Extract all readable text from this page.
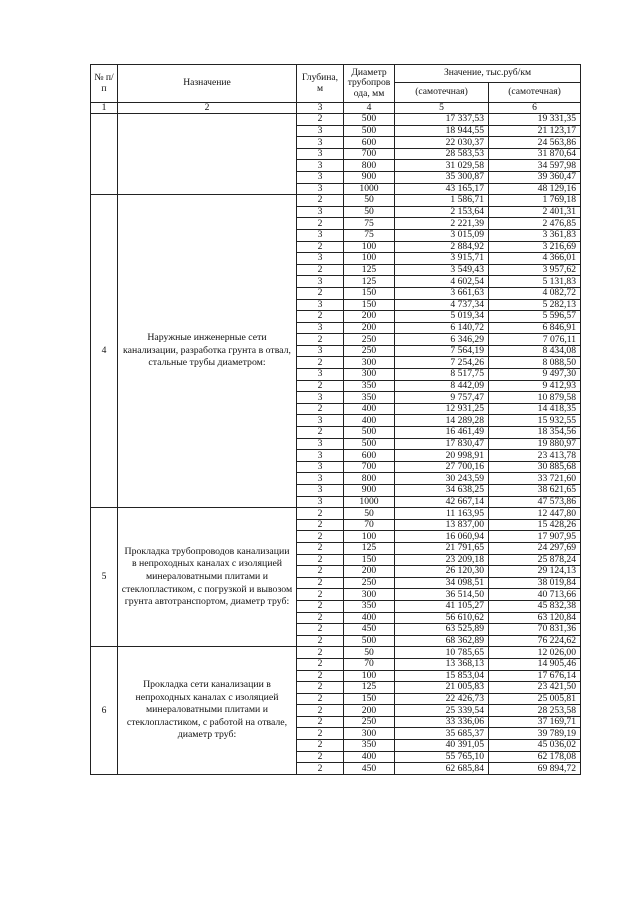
№ п/п	Назначение	Глубина, м	Диаметр трубопров ода, мм	Значение, тыс.руб/км	
				(самотечная)	(самотечная)
1	2	3	4	5	6
		2	500	17 337,53	19 331,35
		3	500	18 944,55	21 123,17
		3	600	22 030,37	24 563,86
		3	700	28 583,53	31 870,64
		3	800	31 029,58	34 597,98
		3	900	35 300,87	39 360,47
		3	1000	43 165,17	48 129,16
4	Наружные инженерные сети канализации, разработка грунта в отвал, стальные трубы диаметром:	2	50	1 586,71	1 769,18
		3	50	2 153,64	2 401,31
		2	75	2 221,39	2 476,85
		3	75	3 015,09	3 361,83
		2	100	2 884,92	3 216,69
		3	100	3 915,71	4 366,01
		2	125	3 549,43	3 957,62
		3	125	4 602,54	5 131,83
		2	150	3 661,63	4 082,72
		3	150	4 737,34	5 282,13
		2	200	5 019,34	5 596,57
		3	200	6 140,72	6 846,91
		2	250	6 346,29	7 076,11
		3	250	7 564,19	8 434,08
		2	300	7 254,26	8 088,50
		3	300	8 517,75	9 497,30
		2	350	8 442,09	9 412,93
		3	350	9 757,47	10 879,58
		2	400	12 931,25	14 418,35
		3	400	14 289,28	15 932,55
		2	500	16 461,49	18 354,56
		3	500	17 830,47	19 880,97
		3	600	20 998,91	23 413,78
		3	700	27 700,16	30 885,68
		3	800	30 243,59	33 721,60
		3	900	34 638,25	38 621,65
		3	1000	42 667,14	47 573,86
5	Прокладка трубопроводов канализации в непроходных каналах с изоляцией минераловатными плитами и стеклопластиком, с погрузкой и вывозом грунта автотранспортом, диаметр труб:	2	50	11 163,95	12 447,80
		2	70	13 837,00	15 428,26
		2	100	16 060,94	17 907,95
		2	125	21 791,65	24 297,69
		2	150	23 209,18	25 878,24
		2	200	26 120,30	29 124,13
		2	250	34 098,51	38 019,84
		2	300	36 514,50	40 713,66
		2	350	41 105,27	45 832,38
		2	400	56 610,62	63 120,84
		2	450	63 525,89	70 831,36
		2	500	68 362,89	76 224,62
6	Прокладка сети канализации в непроходных каналах с изоляцией минераловатными плитами и стеклопластиком, с работой на отвале, диаметр труб:	2	50	10 785,65	12 026,00
		2	70	13 368,13	14 905,46
		2	100	15 853,04	17 676,14
		2	125	21 005,83	23 421,50
		2	150	22 426,73	25 005,81
		2	200	25 339,54	28 253,58
		2	250	33 336,06	37 169,71
		2	300	35 685,37	39 789,19
		2	350	40 391,05	45 036,02
		2	400	55 765,10	62 178,08
		2	450	62 685,84	69 894,72
